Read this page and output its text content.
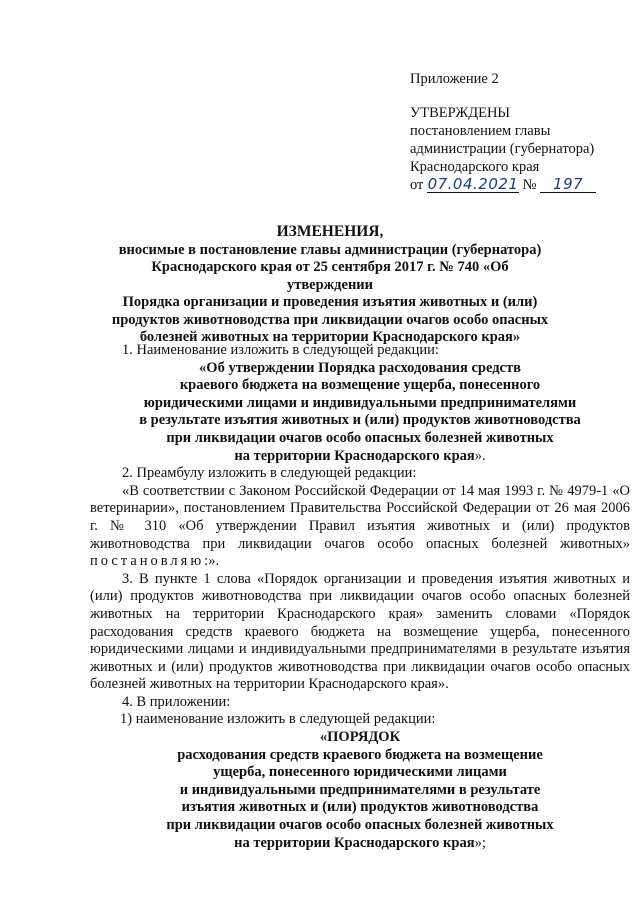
Приложение 2
УТВЕРЖДЕНЫ
постановлением главы
администрации (губернатора)
Краснодарского края
от 07.04.2021 № 197
ИЗМЕНЕНИЯ,
вносимые в постановление главы администрации (губернатора)
Краснодарского края от 25 сентября 2017 г. № 740 «Об утверждении
Порядка организации и проведения изъятия животных и (или)
продуктов животноводства при ликвидации очагов особо опасных
болезней животных на территории Краснодарского края»

1. Наименование изложить в следующей редакции:

«Об утверждении Порядка расходования средств

краевого бюджета на возмещение ущерба, понесенного

юридическими лицами и индивидуальными предпринимателями

в результате изъятия животных и (или) продуктов животноводства

при ликвидации очагов особо опасных болезней животных

на территории Краснодарского края».

2. Преамбулу изложить в следующей редакции:

«В соответствии с Законом Российской Федерации от 14 мая 1993 г. № 4979-1 «О ветеринарии», постановлением Правительства Российской Федерации от 26 мая 2006 г. № 310 «Об утверждении Правил изъятия животных и (или) продуктов животноводства при ликвидации очагов особо опасных болезней животных» постановляю:».

3. В пункте 1 слова «Порядок организации и проведения изъятия животных и (или) продуктов животноводства при ликвидации очагов особо опасных болезней животных на территории Краснодарского края» заменить словами «Порядок расходования средств краевого бюджета на возмещение ущерба, понесенного юридическими лицами и индивидуальными предпринимателями в результате изъятия животных и (или) продуктов животноводства при ликвидации очагов особо опасных болезней животных на территории Краснодарского края».

4. В приложении:

1) наименование изложить в следующей редакции:

«ПОРЯДОК

расходования средств краевого бюджета на возмещение

ущерба, понесенного юридическими лицами

и индивидуальными предпринимателями в результате

изъятия животных и (или) продуктов животноводства

при ликвидации очагов особо опасных болезней животных

на территории Краснодарского края»;
